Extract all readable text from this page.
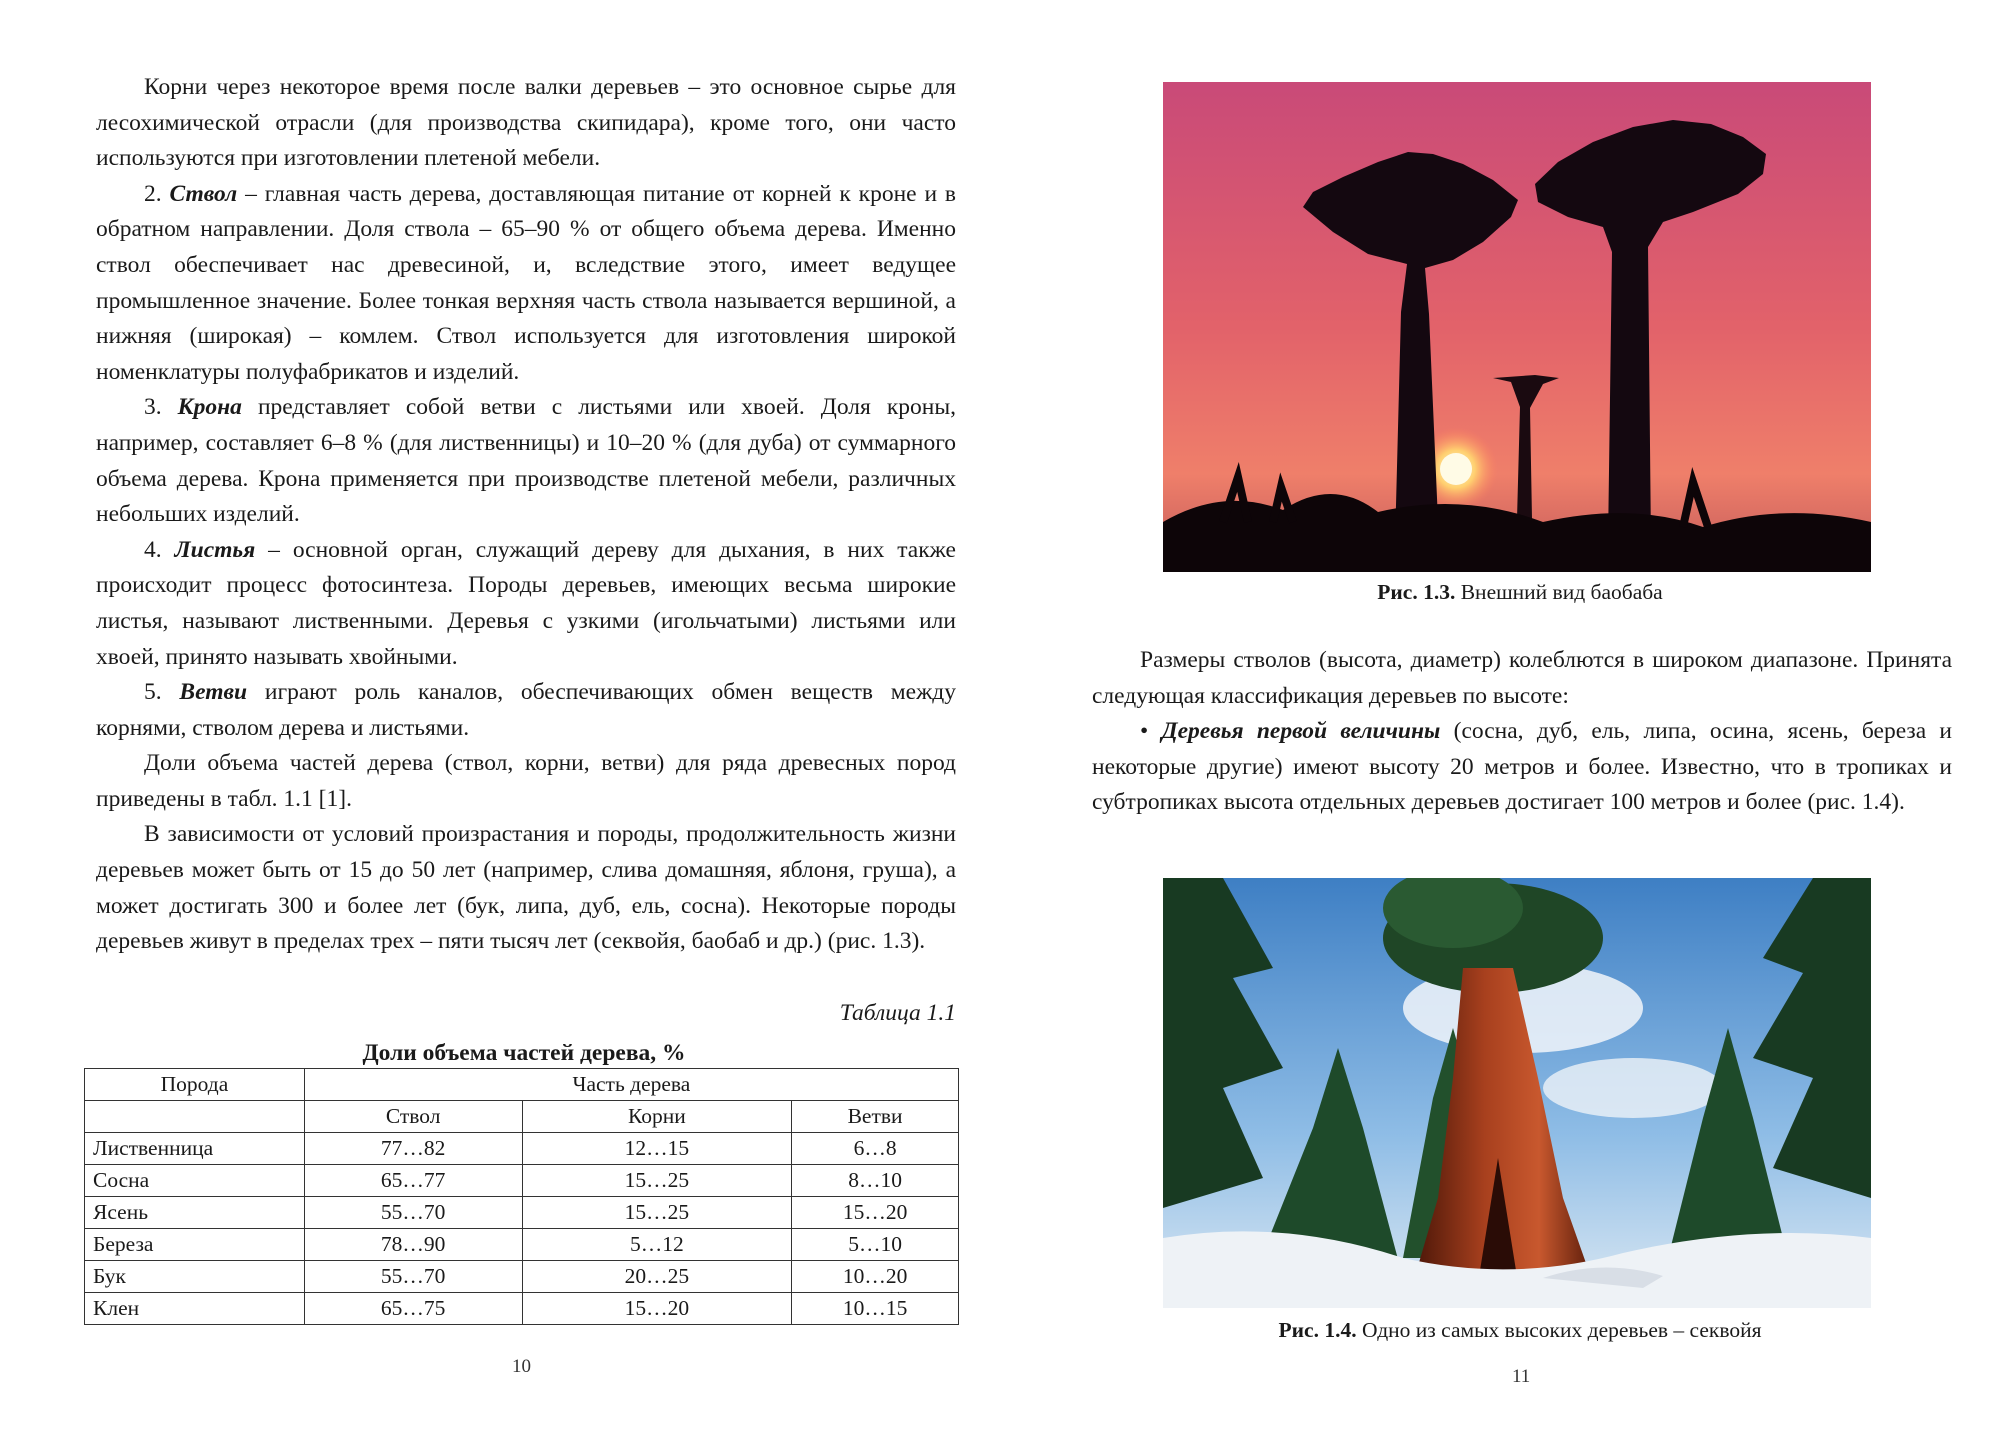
Корни через некоторое время после валки деревьев – это основное сырье для лесохимической отрасли (для производства скипидара), кроме того, они часто используются при изготовлении плетеной мебели.

2. Ствол – главная часть дерева, доставляющая питание от корней к кроне и в обратном направлении. Доля ствола – 65–90 % от общего объема дерева. Именно ствол обеспечивает нас древесиной, и, вследствие этого, имеет ведущее промышленное значение. Более тонкая верхняя часть ствола называется вершиной, а нижняя (широкая) – комлем. Ствол используется для изготовления широкой номенклатуры полуфабрикатов и изделий.

3. Крона представляет собой ветви с листьями или хвоей. Доля кроны, например, составляет 6–8 % (для лиственницы) и 10–20 % (для дуба) от суммарного объема дерева. Крона применяется при производстве плетеной мебели, различных небольших изделий.

4. Листья – основной орган, служащий дереву для дыхания, в них также происходит процесс фотосинтеза. Породы деревьев, имеющих весьма широкие листья, называют лиственными. Деревья с узкими (игольчатыми) листьями или хвоей, принято называть хвойными.

5. Ветви играют роль каналов, обеспечивающих обмен веществ между корнями, стволом дерева и листьями.

Доли объема частей дерева (ствол, корни, ветви) для ряда древесных пород приведены в табл. 1.1 [1].

В зависимости от условий произрастания и породы, продолжительность жизни деревьев может быть от 15 до 50 лет (например, слива домашняя, яблоня, груша), а может достигать 300 и более лет (бук, липа, дуб, ель, сосна). Некоторые породы деревьев живут в пределах трех – пяти тысяч лет (секвойя, баобаб и др.) (рис. 1.3).

Таблица 1.1
Доли объема частей дерева, %
Порода	Часть дерева		
	Ствол	Корни	Ветви
Лиственница	77…82	12…15	6…8
Сосна	65…77	15…25	8…10
Ясень	55…70	15…25	15…20
Береза	78…90	5…12	5…10
Бук	55…70	20…25	10…20
Клен	65…75	15…20	10…15
10
Рис. 1.3. Внешний вид баобаба

Размеры стволов (высота, диаметр) колеблются в широком диапазоне. Принята следующая классификация деревьев по высоте:

• Деревья первой величины (сосна, дуб, ель, липа, осина, ясень, береза и некоторые другие) имеют высоту 20 метров и более. Известно, что в тропиках и субтропиках высота отдельных деревьев достигает 100 метров и более (рис. 1.4).

Рис. 1.4. Одно из самых высоких деревьев – секвойя
11
